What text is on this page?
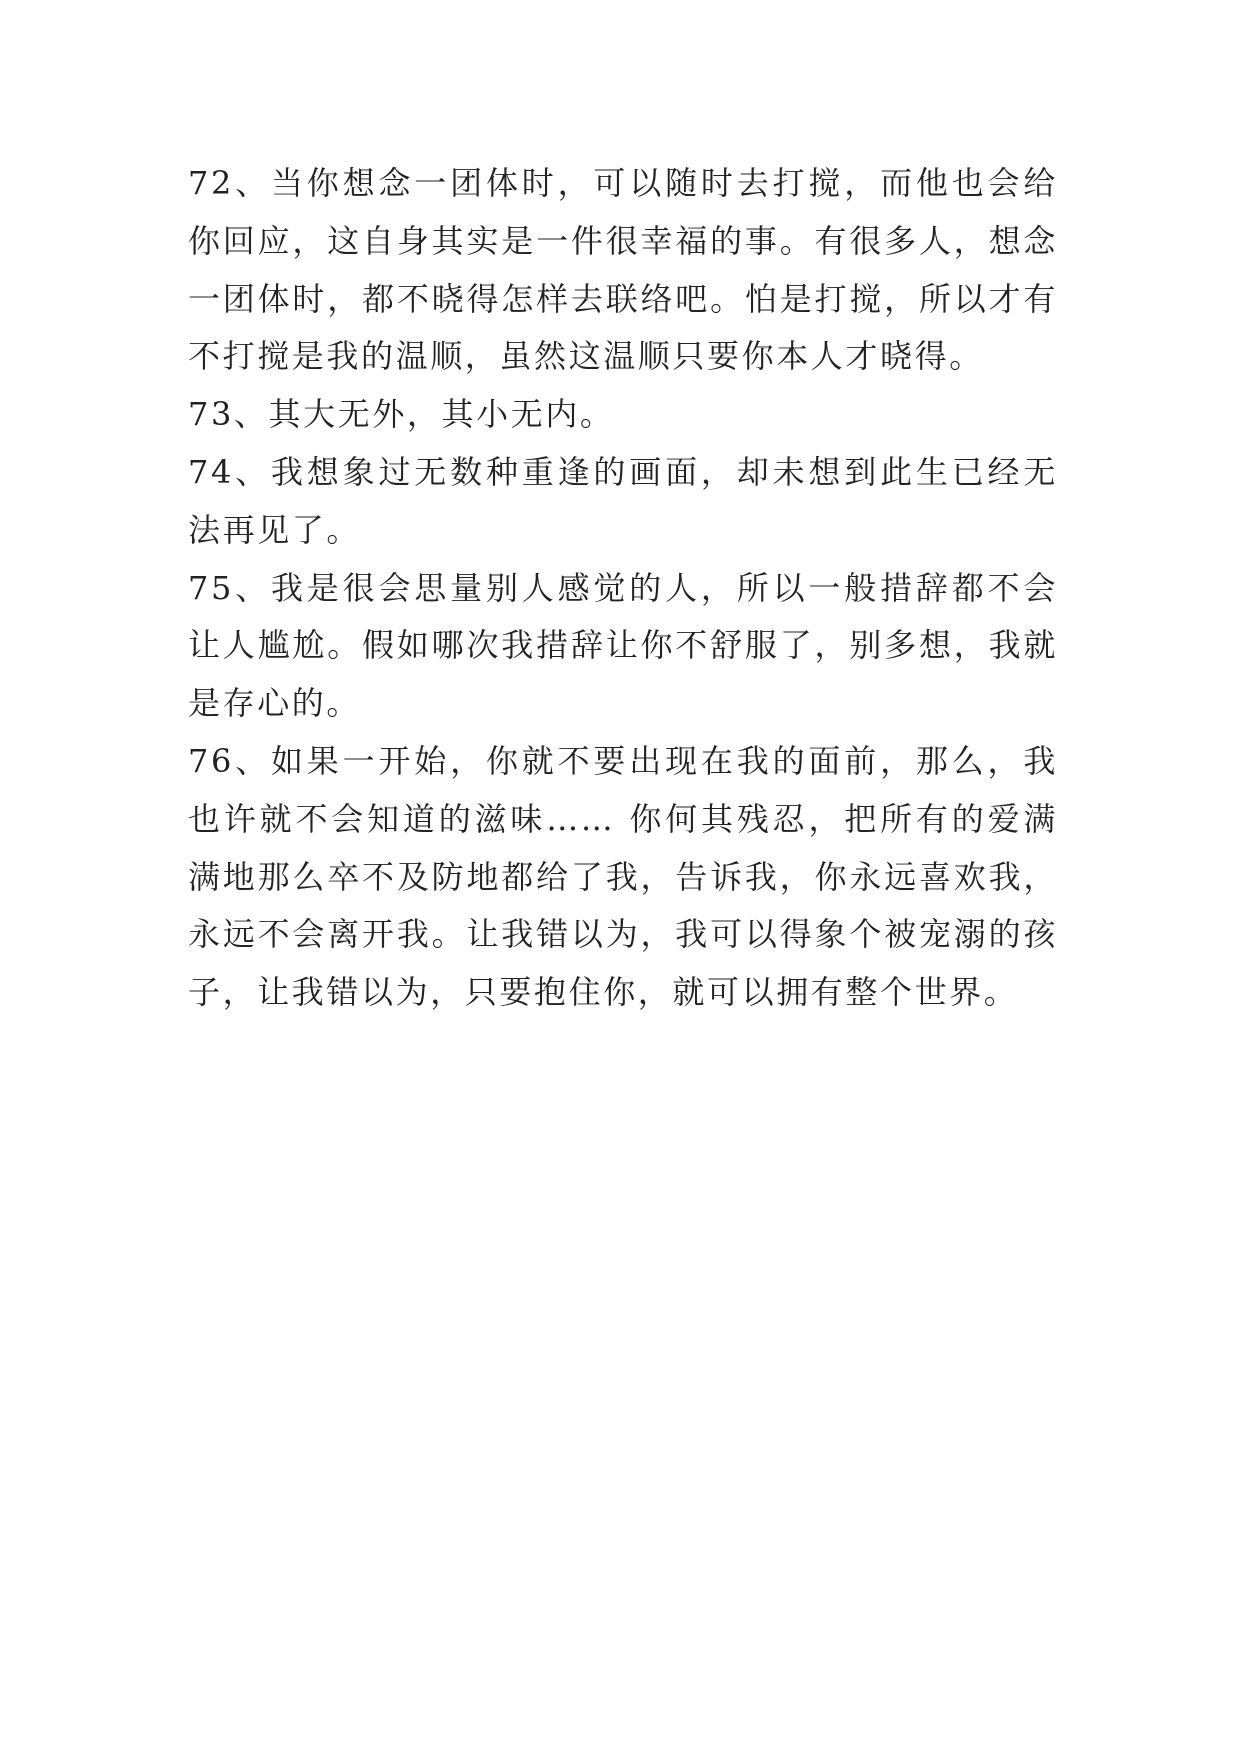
72、当你想念一团体时，可以随时去打搅，而他也会给你回应，这自身其实是一件很幸福的事。有很多人，想念一团体时，都不晓得怎样去联络吧。怕是打搅，所以才有不打搅是我的温顺，虽然这温顺只要你本人才晓得。

73、其大无外，其小无内。

74、我想象过无数种重逢的画面，却未想到此生已经无法再见了。

75、我是很会思量别人感觉的人，所以一般措辞都不会让人尴尬。假如哪次我措辞让你不舒服了，别多想，我就是存心的。

76、如果一开始，你就不要出现在我的面前，那么，我也许就不会知道的滋味…… 你何其残忍，把所有的爱满满地那么卒不及防地都给了我，告诉我，你永远喜欢我，永远不会离开我。让我错以为，我可以得象个被宠溺的孩子，让我错以为，只要抱住你，就可以拥有整个世界。
